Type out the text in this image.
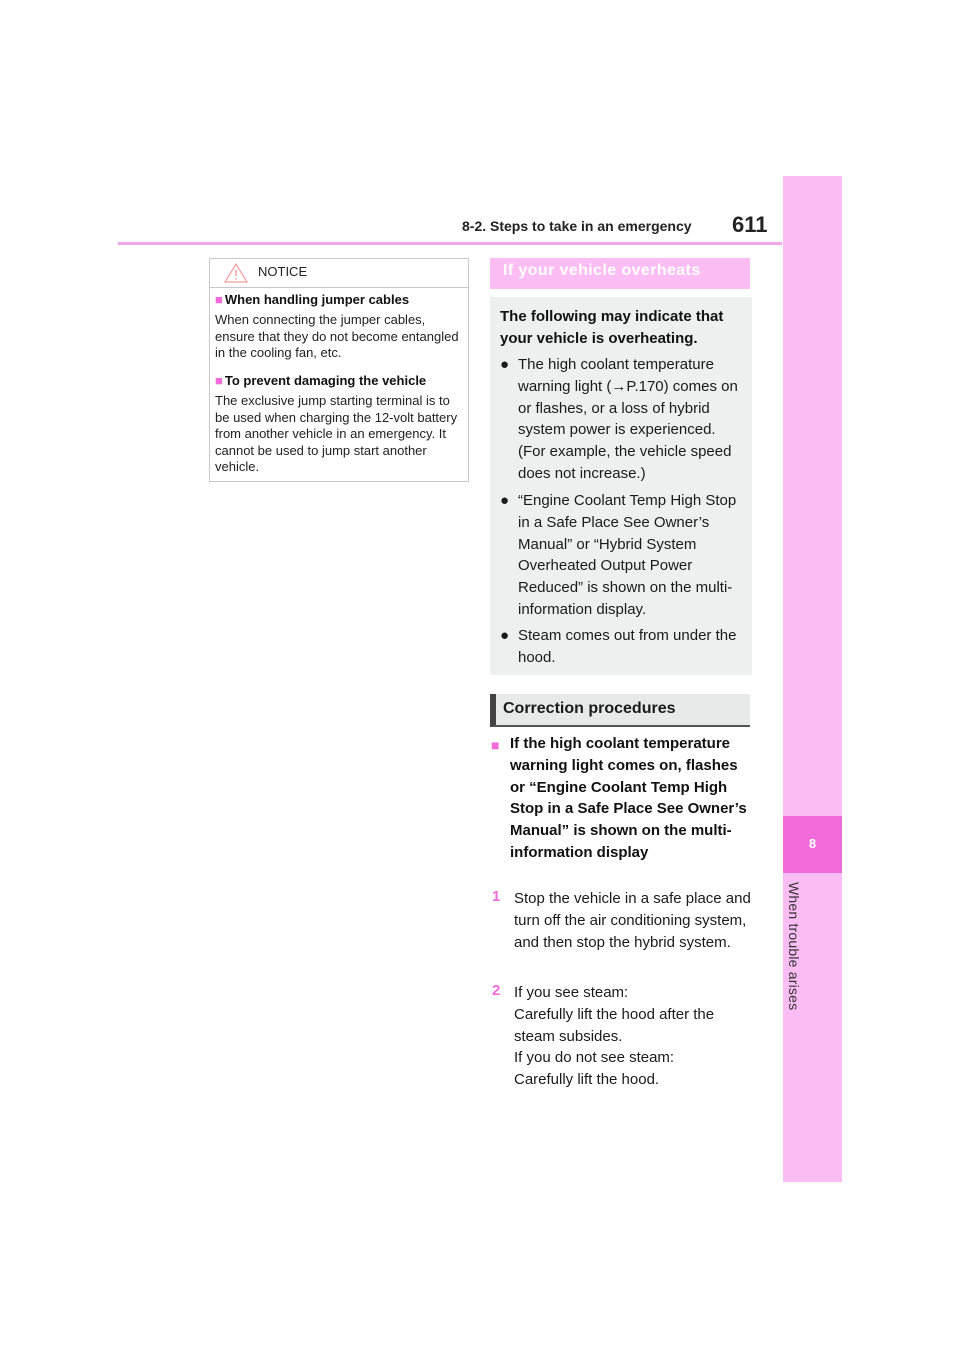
8-2. Steps to take in an emergency 611
8
When trouble arises
NOTICE
■ When handling jumper cables
When connecting the jumper cables, ensure that they do not become entangled in the cooling fan, etc.
■ To prevent damaging the vehicle
The exclusive jump starting terminal is to be used when charging the 12-volt battery from another vehicle in an emergency. It cannot be used to jump start another vehicle.
If your vehicle overheats
The following may indicate that your vehicle is overheating.
● The high coolant temperature warning light (→P.170) comes on or flashes, or a loss of hybrid system power is experienced. (For example, the vehicle speed does not increase.)
● “Engine Coolant Temp High Stop in a Safe Place See Owner’s Manual” or “Hybrid System Overheated Output Power Reduced” is shown on the multi-information display.
● Steam comes out from under the hood.
Correction procedures
■ If the high coolant temperature warning light comes on, flashes or “Engine Coolant Temp High Stop in a Safe Place See Owner’s Manual” is shown on the multi-information display
1 Stop the vehicle in a safe place and turn off the air conditioning system, and then stop the hybrid system.
2 If you see steam:
Carefully lift the hood after the steam subsides.
If you do not see steam:
Carefully lift the hood.
